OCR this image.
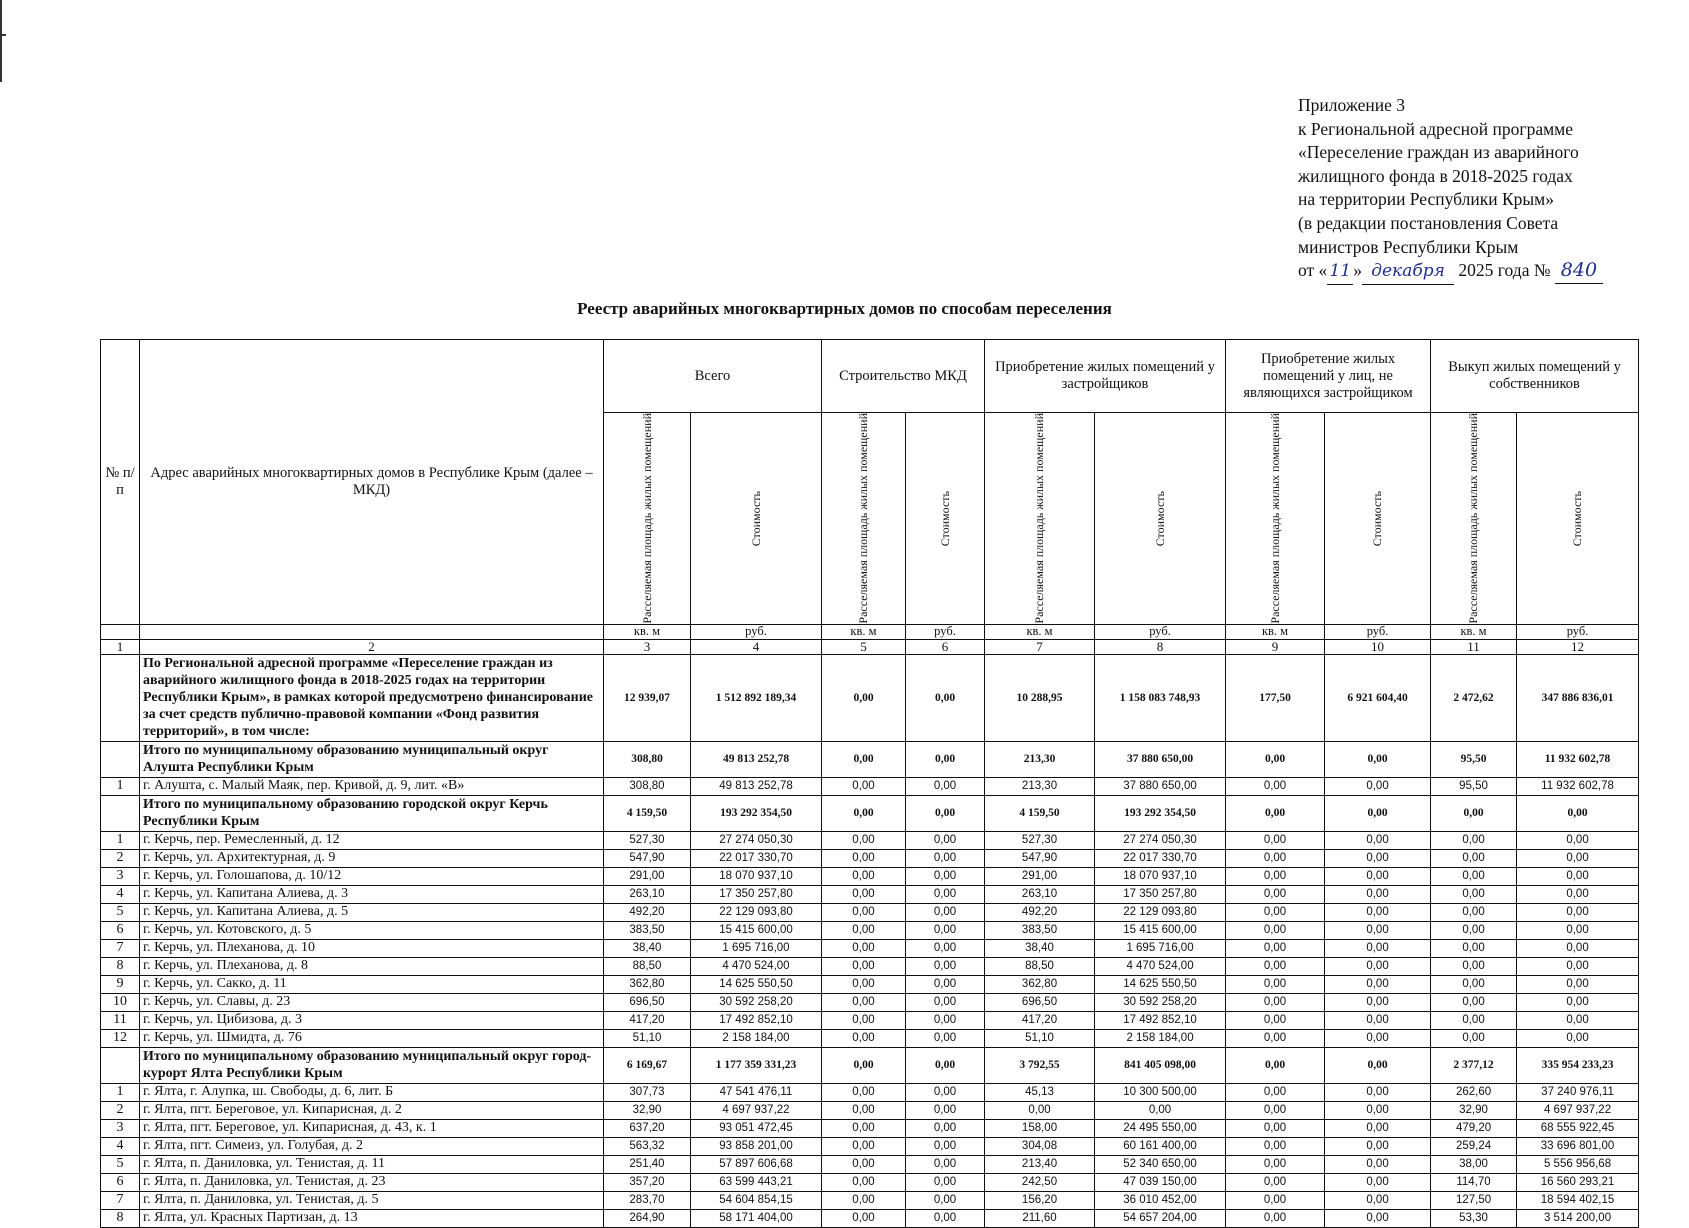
Приложение 3
к Региональной адресной программе
«Переселение граждан из аварийного
жилищного фонда в 2018-2025 годах
на территории Республики Крым»
(в редакции постановления Совета
министров Республики Крым
от « 11 » декабря 2025 года № 840
Реестр аварийных многоквартирных домов по способам переселения
№ п/п	Адрес аварийных многоквартирных домов в Республике Крым (далее – МКД)	Всего		Строительство МКД		Приобретение жилых помещений у застройщиков		Приобретение жилых помещений у лиц, не являющихся застройщиком		Выкуп жилых помещений у собственников	

		Расселяемая площадь жилых помещений	Стоимость	Расселяемая площадь жилых помещений	Стоимость	Расселяемая площадь жилых помещений	Стоимость	Расселяемая площадь жилых помещений	Стоимость	Расселяемая площадь жилых помещений	Стоимость

		кв. м	руб.	кв. м	руб.	кв. м	руб.	кв. м	руб.	кв. м	руб.
1	2	3	4	5	6	7	8	9	10	11	12
	По Региональной адресной программе «Переселение граждан из аварийного жилищного фонда в 2018-2025 годах на территории Республики Крым», в рамках которой предусмотрено финансирование за счет средств публично-правовой компании «Фонд развития территорий», в том числе:	12 939,07	1 512 892 189,34	0,00	0,00	10 288,95	1 158 083 748,93	177,50	6 921 604,40	2 472,62	347 886 836,01
	Итого по муниципальному образованию муниципальный округ Алушта Республики Крым	308,80	49 813 252,78	0,00	0,00	213,30	37 880 650,00	0,00	0,00	95,50	11 932 602,78
1	г. Алушта, с. Малый Маяк, пер. Кривой, д. 9, лит. «В»	308,80	49 813 252,78	0,00	0,00	213,30	37 880 650,00	0,00	0,00	95,50	11 932 602,78
	Итого по муниципальному образованию городской округ Керчь Республики Крым	4 159,50	193 292 354,50	0,00	0,00	4 159,50	193 292 354,50	0,00	0,00	0,00	0,00
1	г. Керчь, пер. Ремесленный, д. 12	527,30	27 274 050,30	0,00	0,00	527,30	27 274 050,30	0,00	0,00	0,00	0,00
2	г. Керчь, ул. Архитектурная, д. 9	547,90	22 017 330,70	0,00	0,00	547,90	22 017 330,70	0,00	0,00	0,00	0,00
3	г. Керчь, ул. Голошапова, д. 10/12	291,00	18 070 937,10	0,00	0,00	291,00	18 070 937,10	0,00	0,00	0,00	0,00
4	г. Керчь, ул. Капитана Алиева, д. 3	263,10	17 350 257,80	0,00	0,00	263,10	17 350 257,80	0,00	0,00	0,00	0,00
5	г. Керчь, ул. Капитана Алиева, д. 5	492,20	22 129 093,80	0,00	0,00	492,20	22 129 093,80	0,00	0,00	0,00	0,00
6	г. Керчь, ул. Котовского, д. 5	383,50	15 415 600,00	0,00	0,00	383,50	15 415 600,00	0,00	0,00	0,00	0,00
7	г. Керчь, ул. Плеханова, д. 10	38,40	1 695 716,00	0,00	0,00	38,40	1 695 716,00	0,00	0,00	0,00	0,00
8	г. Керчь, ул. Плеханова, д. 8	88,50	4 470 524,00	0,00	0,00	88,50	4 470 524,00	0,00	0,00	0,00	0,00
9	г. Керчь, ул. Сакко, д. 11	362,80	14 625 550,50	0,00	0,00	362,80	14 625 550,50	0,00	0,00	0,00	0,00
10	г. Керчь, ул. Славы, д. 23	696,50	30 592 258,20	0,00	0,00	696,50	30 592 258,20	0,00	0,00	0,00	0,00
11	г. Керчь, ул. Цибизова, д. 3	417,20	17 492 852,10	0,00	0,00	417,20	17 492 852,10	0,00	0,00	0,00	0,00
12	г. Керчь, ул. Шмидта, д. 76	51,10	2 158 184,00	0,00	0,00	51,10	2 158 184,00	0,00	0,00	0,00	0,00
	Итого по муниципальному образованию муниципальный округ город-курорт Ялта Республики Крым	6 169,67	1 177 359 331,23	0,00	0,00	3 792,55	841 405 098,00	0,00	0,00	2 377,12	335 954 233,23
1	г. Ялта, г. Алупка, ш. Свободы, д. 6, лит. Б	307,73	47 541 476,11	0,00	0,00	45,13	10 300 500,00	0,00	0,00	262,60	37 240 976,11
2	г. Ялта, пгт. Береговое, ул. Кипарисная, д. 2	32,90	4 697 937,22	0,00	0,00	0,00	0,00	0,00	0,00	32,90	4 697 937,22
3	г. Ялта, пгт. Береговое, ул. Кипарисная, д. 43, к. 1	637,20	93 051 472,45	0,00	0,00	158,00	24 495 550,00	0,00	0,00	479,20	68 555 922,45
4	г. Ялта, пгт. Симеиз, ул. Голубая, д. 2	563,32	93 858 201,00	0,00	0,00	304,08	60 161 400,00	0,00	0,00	259,24	33 696 801,00
5	г. Ялта, п. Даниловка, ул. Тенистая, д. 11	251,40	57 897 606,68	0,00	0,00	213,40	52 340 650,00	0,00	0,00	38,00	5 556 956,68
6	г. Ялта, п. Даниловка, ул. Тенистая, д. 23	357,20	63 599 443,21	0,00	0,00	242,50	47 039 150,00	0,00	0,00	114,70	16 560 293,21
7	г. Ялта, п. Даниловка, ул. Тенистая, д. 5	283,70	54 604 854,15	0,00	0,00	156,20	36 010 452,00	0,00	0,00	127,50	18 594 402,15
8	г. Ялта, ул. Красных Партизан, д. 13	264,90	58 171 404,00	0,00	0,00	211,60	54 657 204,00	0,00	0,00	53,30	3 514 200,00
